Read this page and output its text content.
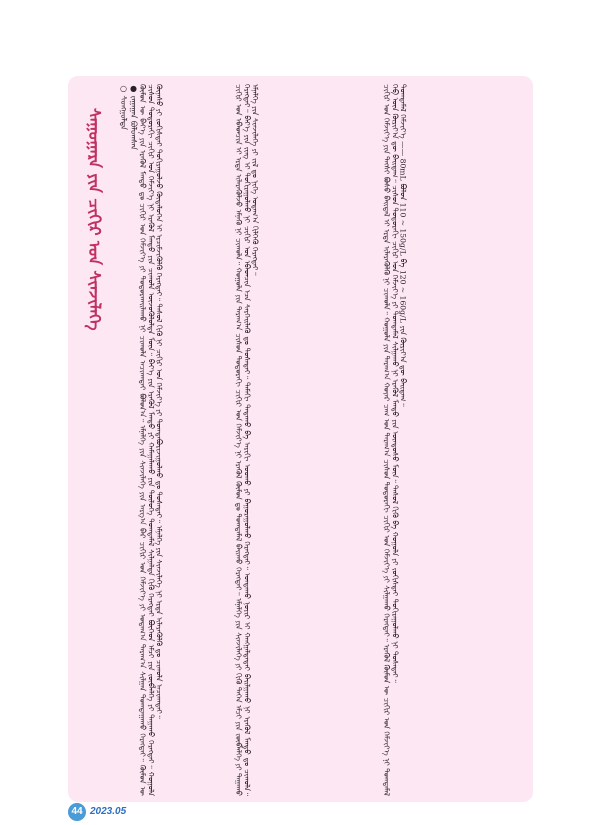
ᠰᠠᠭᠤᠭᠠᠷᠠ ᠶᠢᠨ ᠴᠢᠬᠢᠷ ᠤᠨ ᠰᠢᠨᠵᠢᠯᠡᠭᠡ

○ ᠰᠣᠩᠭᠣᠯᠲᠠ ● ᠵᠠᠭᠠᠭᠠᠨ ᠪᠤᠯᠤᠭᠰᠠᠨ ᠬᠦᠮᠦᠨ ᠦ ᠪᠡᠶ᠎ᠡ ᠶᠢᠨ ᠡᠷᠡᠭᠦᠯ ᠮᠡᠨᠳᠦ ᠳᠤ ᠴᠢᠬᠢᠷ ᠤᠨ ᠬᠡᠮᠵᠢᠶ᠎ᠡ ᠶᠢ ᠲᠣᠳᠣᠷᠬᠠᠢᠯᠠᠬᠤ ᠨᠢ ᠴᠢᠬᠤᠯᠠ ᠠᠴᠢᠬᠠᠲᠠᠢ ᠪᠣᠯᠤᠨ᠎ᠠ᠃ ᠡᠮᠨᠡᠯᠭᠡ ᠶᠢᠨ ᠰᠢᠨᠵᠢᠯᠡᠭᠡ ᠶᠢᠨ ᠠᠷᠭ᠎ᠠ ᠪᠠᠷ ᠴᠢᠬᠢᠷ ᠤᠨ ᠬᠡᠮᠵᠢᠶ᠎ᠡ ᠶᠢ ᠤᠳᠠᠭ᠎ᠠ ᠳᠠᠷᠠᠭ᠎ᠠ ᠰᠢᠯᠭᠠᠨ ᠲᠣᠭᠲᠠᠭᠠᠬᠤ ᠬᠡᠷᠡᠭᠲᠡᠢ᠃ ᠬᠦᠮᠦᠨ ᠦ ᠴᠢᠰᠤᠨ ᠳᠤᠲᠤᠷᠠᠬᠢ ᠴᠢᠬᠢᠷ ᠤᠨ ᠬᠡᠮᠵᠢᠶ᠎ᠡ ᠨᠢ ᠡᠷᠡᠭᠦᠯ ᠮᠡᠨᠳᠦ ᠶᠢᠨ ᠴᠢᠬᠤᠯᠠ ᠦᠵᠦᠭᠦᠯᠦᠯᠲᠡ ᠮᠥᠨ᠃ ᠪᠡᠶ᠎ᠡ ᠶᠢᠨ ᠡᠷᠡᠭᠦᠯ ᠮᠡᠨᠳᠦ ᠶᠢ ᠬᠠᠮᠠᠭᠠᠯᠠᠬᠤ ᠶᠢᠨ ᠲᠥᠯᠥᠭᠡ ᠲᠣᠭᠲᠠᠮᠠᠯ ᠰᠢᠯᠭᠠᠯᠲᠠ ᠬᠢᠬᠦ ᠬᠡᠷᠡᠭᠲᠡᠢ ᠪᠥᠭᠡᠳ ᠡᠮᠴᠢ ᠶᠢᠨ ᠵᠥᠪᠯᠡᠯᠭᠡ ᠶᠢ ᠳᠠᠭᠠᠬᠤ ᠬᠡᠷᠡᠭᠲᠡᠢ᠃ ᠬᠣᠭᠣᠯᠠ ᠬᠦᠨᠡᠰᠦ ᠶᠢ ᠵᠣᠬᠢᠰᠲᠠᠢ ᠲᠣᠬᠢᠷᠠᠭᠤᠯᠵᠤ ᠬᠥᠳᠡᠯᠦᠭᠡᠨ ᠢ ᠡᠷᠴᠢᠮᠵᠢᠭᠦᠯᠬᠦ ᠬᠡᠷᠡᠭᠲᠡᠢ᠃ ᠳᠠᠰᠤᠯ ᠬᠢᠬᠦ ᠨᠢ ᠴᠢᠬᠢᠷ ᠤᠨ ᠬᠡᠮᠵᠢᠶ᠎ᠡ ᠶᠢ ᠲᠣᠭᠲᠠᠪᠤᠷᠢᠵᠢᠭᠤᠯᠬᠤ ᠳᠤ ᠲᠤᠰᠠᠲᠠᠢ᠃ ᠡᠮᠨᠡᠯᠭᠡ ᠶᠢᠨ ᠰᠢᠨᠵᠢᠯᠡᠭᠡ ᠨᠢ ᠡᠷᠲᠡ ᠢᠯᠡᠷᠡᠭᠦᠯᠬᠦ ᠳᠤ ᠴᠢᠬᠤᠯᠠ ᠠᠴᠢᠬᠠᠲᠠᠢ᠃	ᠴᠢᠬᠢᠷ ᠤᠨ ᠡᠪᠡᠳᠴᠢᠨ ᠢ ᠡᠷᠲᠡ ᠢᠯᠡᠷᠡᠭᠦᠯᠵᠦ ᠡᠮᠨᠡᠬᠦ ᠨᠢ ᠴᠢᠬᠤᠯᠠ᠃ ᠬᠣᠭᠣᠯᠠ ᠶᠢᠨ ᠳᠠᠷᠠᠭ᠎ᠠ ᠴᠢᠰᠤᠨ ᠳᠤᠲᠤᠷᠠᠬᠢ ᠴᠢᠬᠢᠷ ᠤᠨ ᠬᠡᠮᠵᠢᠶ᠎ᠡ ᠨᠢ ᠡᠷᠡᠭᠦᠯ ᠬᠦᠮᠦᠨ ᠳᠤ ᠲᠣᠭᠲᠠᠮᠠᠯ ᠪᠠᠢᠬᠤ ᠬᠡᠷᠡᠭᠲᠡᠢ᠃ ᠡᠮᠨᠡᠯᠭᠡ ᠶᠢᠨ ᠰᠢᠨᠵᠢᠯᠡᠭᠡ ᠶᠢ ᠬᠢᠬᠦ ᠳᠡᠭᠡᠨ ᠡᠮᠴᠢ ᠶᠢᠨ ᠵᠥᠪᠯᠡᠯᠭᠡ ᠶᠢ ᠳᠠᠭᠠᠬᠤ ᠬᠡᠷᠡᠭᠲᠡᠢ᠃ ᠪᠡᠶ᠎ᠡ ᠶᠢᠨ ᠵᠢᠩ ᠢ ᠲᠣᠬᠢᠷᠠᠭᠤᠯᠬᠤ ᠨᠢ ᠴᠢᠬᠢᠷ ᠤᠨ ᠡᠪᠡᠳᠴᠢᠨ ᠡᠴᠡ ᠰᠡᠷᠭᠡᠢᠯᠡᠬᠦ ᠳᠤ ᠲᠤᠰᠠᠲᠠᠢ᠃ ᠲᠠᠮᠠᠬᠢ ᠲᠠᠲᠠᠬᠤ ᠪᠠ ᠠᠷᠢᠬᠢ ᠤᠤᠬᠤ ᠶᠢ ᠪᠠᠭᠤᠷᠠᠭᠤᠯᠬᠤ ᠬᠡᠷᠡᠭᠲᠡᠢ᠃ ᠤᠨᠲᠠᠬᠤ ᠨᠣᠶᠢᠷ ᠢ ᠬᠠᠩᠭᠠᠯᠲᠠᠲᠠᠢ ᠪᠠᠢᠯᠭᠠᠬᠤ ᠨᠢ ᠡᠷᠡᠭᠦᠯ ᠮᠡᠨᠳᠦ ᠳᠤ ᠴᠢᠬᠤᠯᠠ᠃ ᠡᠮᠨᠡᠯᠭᠡ ᠶᠢᠨ ᠰᠢᠨᠵᠢᠯᠡᠭᠡ ᠶᠢ ᠵᠢᠯ ᠳᠤ ᠨᠢᠭᠡ ᠤᠳᠠᠭ᠎ᠠ ᠬᠢᠯᠭᠡᠬᠦ ᠬᠡᠷᠡᠭᠲᠡᠢ᠃	ᠴᠢᠬᠢᠷ ᠤᠨ ᠬᠡᠮᠵᠢᠶ᠎ᠡ ᠶᠢᠨ ᠲᠡᠭᠰᠢ ᠪᠤᠰᠤ ᠪᠠᠢᠳᠠᠯ ᠢ ᠡᠷᠲᠡ ᠢᠯᠡᠷᠡᠭᠦᠯᠬᠦ ᠨᠢ ᠴᠢᠬᠤᠯᠠ᠃ ᠬᠣᠭᠣᠯᠠ ᠶᠢᠨ ᠳᠠᠷᠠᠭ᠎ᠠ ᠬᠣᠶᠠᠷ ᠴᠠᠭ ᠤᠨ ᠳᠠᠷᠠᠭ᠎ᠠ ᠴᠢᠰᠤᠨ ᠳᠤᠲᠤᠷᠠᠬᠢ ᠴᠢᠬᠢᠷ ᠤᠨ ᠬᠡᠮᠵᠢᠶ᠎ᠡ ᠶᠢ ᠰᠢᠯᠭᠠᠬᠤ ᠬᠡᠷᠡᠭᠲᠡᠢ᠃ ᠡᠷᠡᠭᠦᠯ ᠬᠦᠮᠦᠨ ᠦ ᠴᠢᠬᠢᠷ ᠤᠨ ᠬᠡᠮᠵᠢᠶ᠎ᠡ ᠨᠢ ᠲᠣᠭᠲᠠᠮᠠᠯ ᠬᠡᠪ ᠦᠨ ᠬᠦᠷᠢᠶ᠎ᠡᠨ ᠳᠦ ᠪᠠᠢᠳᠠᠭ᠃ ᠴᠢᠰᠤᠨ ᠳᠤᠲᠤᠷᠠᠬᠢ ᠴᠢᠬᠢᠷ ᠤᠨ ᠬᠡᠮᠵᠢᠶ᠎ᠡ ᠶᠢ ᠲᠣᠭᠲᠠᠮᠠᠯ ᠰᠢᠯᠭᠠᠬᠤ ᠨᠢ ᠡᠷᠡᠭᠦᠯ ᠮᠡᠨᠳᠦ ᠶᠢᠨ ᠦᠨᠳᠦᠰᠦ ᠮᠥᠨ᠃ ᠳᠠᠰᠤᠯ ᠬᠢᠬᠦ ᠪᠠ ᠬᠣᠭᠣᠯᠠ ᠶᠢ ᠵᠣᠬᠢᠰᠲᠠᠢ ᠲᠣᠬᠢᠷᠠᠭᠤᠯᠬᠤ ᠨᠢ ᠲᠤᠰᠠᠲᠠᠢ᠃ ᠲᠣᠭᠲᠠᠮᠠᠯ ᠬᠡᠮᠵᠢᠶ᠎ᠡ —— 80mL ᠪᠣᠯᠤᠨ 110 ~ 150g/L ᠪᠠ 120 ~ 160g/L ᠶᠢᠨ ᠬᠦᠷᠢᠶ᠎ᠡᠨ ᠳᠦ ᠪᠠᠢᠳᠠᠭ᠃

44 2023.05
